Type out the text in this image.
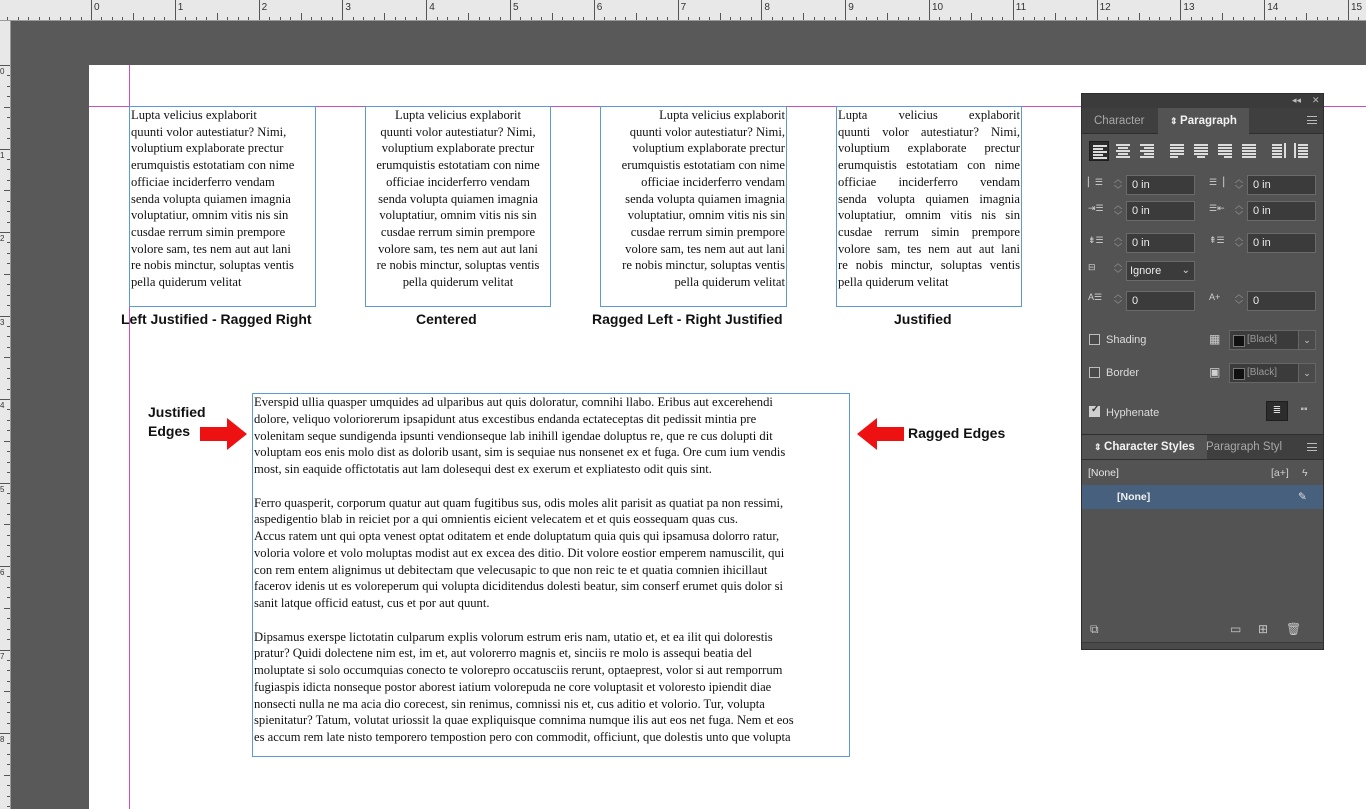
0	1	2	3	4	5	6	7	8	9	10	11	12	13	14	15
0
1
2
3
4
5
6
7
8
Lupta velicius explaborit
quunti volor autestiatur? Nimi,
voluptium explaborate prectur
erumquistis estotatiam con nime
officiae inciderferro vendam
senda volupta quiamen imagnia
voluptatiur, omnim vitis nis sin
cusdae rerrum simin prempore
volore sam, tes nem aut aut lani
re nobis minctur, soluptas ventis
pella quiderum velitat
Lupta velicius explaborit
quunti volor autestiatur? Nimi,
voluptium explaborate prectur
erumquistis estotatiam con nime
officiae inciderferro vendam
senda volupta quiamen imagnia
voluptatiur, omnim vitis nis sin
cusdae rerrum simin prempore
volore sam, tes nem aut aut lani
re nobis minctur, soluptas ventis
pella quiderum velitat
Lupta velicius explaborit
quunti volor autestiatur? Nimi,
voluptium explaborate prectur
erumquistis estotatiam con nime
officiae inciderferro vendam
senda volupta quiamen imagnia
voluptatiur, omnim vitis nis sin
cusdae rerrum simin prempore
volore sam, tes nem aut aut lani
re nobis minctur, soluptas ventis
pella quiderum velitat
Lupta velicius explaborit
quunti volor autestiatur? Nimi,
voluptium explaborate prectur
erumquistis estotatiam con nime
officiae inciderferro vendam
senda volupta quiamen imagnia
voluptatiur, omnim vitis nis sin
cusdae rerrum simin prempore
volore sam, tes nem aut aut lani
re nobis minctur, soluptas ventis
pella quiderum velitat
Left Justified - Ragged Right	Centered	Ragged Left - Right Justified	Justified
Justified
Edges	Ragged Edges
Everspid ullia quasper umquides ad ulparibus aut quis doloratur, comnihi llabo. Eribus aut excerehendi
dolore, veliquo voloriorerum ipsapidunt atus excestibus endanda ectateceptas dit pedissit mintia pre
volenitam seque sundigenda ipsunti vendionseque lab inihill igendae doluptus re, que re cus dolupti dit
voluptam eos enis molo dist as dolorib usant, sim is sequiae nus nonsenet ex et fuga. Ore cum ium vendis
most, sin eaquide offictotatis aut lam dolesequi dest ex exerum et expliatesto odit quis sint.
Ferro quasperit, corporum quatur aut quam fugitibus sus, odis moles alit parisit as quatiat pa non ressimi,
aspedigentio blab in reiciet por a qui omnientis eicient velecatem et et quis eossequam quas cus.
Accus ratem unt qui opta venest optat oditatem et ende doluptatum quia quis qui ipsamusa dolorro ratur,
voloria volore et volo moluptas modist aut ex excea des ditio. Dit volore eostior emperem namuscilit, qui
con rem entem alignimus ut debitectam que velecusapic to que non reic te et quatia comnien ihicillaut
facerov idenis ut es voloreperum qui volupta diciditendus dolesti beatur, sim conserf erumet quis dolor si
sanit latque officid eatust, cus et por aut quunt.
Dipsamus exerspe lictotatin culparum explis volorum estrum eris nam, utatio et, et ea ilit qui dolorestis
pratur? Quidi dolectene nim est, im et, aut volorerro magnis et, sinciis re molo is assequi beatia del
moluptate si solo occumquias conecto te volorepro occatusciis rerunt, optaeprest, volor si aut remporrum
fugiaspis idicta nonseque postor aborest iatium volorepuda ne core voluptasit et voloresto ipiendit diae
nonsecti nulla ne ma acia dio corecest, sin renimus, comnissi nis et, cus aditio et volorio. Tur, volupta
spienitatur? Tatum, volutat uriossit la quae expliquisque comnima numque ilis aut eos net fuga. Nem et eos
es accum rem late nisto temporero tempostion pero con commodit, officiunt, que dolestis unto que volupta
◂◂ ✕
Character	⇕ Paragraph
▏☰	︿
﹀ 0 in	☰▕	︿
﹀ 0 in
⇥☰	︿
﹀ 0 in	☰⇤	︿
﹀ 0 in
⇟☰	︿
﹀ 0 in	⇞☰	︿
﹀ 0 in
⊟	︿
﹀ Ignore ⌄
A☰	︿
﹀ 0	A+	︿
﹀ 0
Shading	▦	[Black]	⌄
Border	▣	[Black]	⌄
✓
Hyphenate	≣	▪▪
⇕ Character Styles Paragraph Styl
[None]	[a+] ϟ
[None]	✎
⧉	▭ ⊞ 🗑
